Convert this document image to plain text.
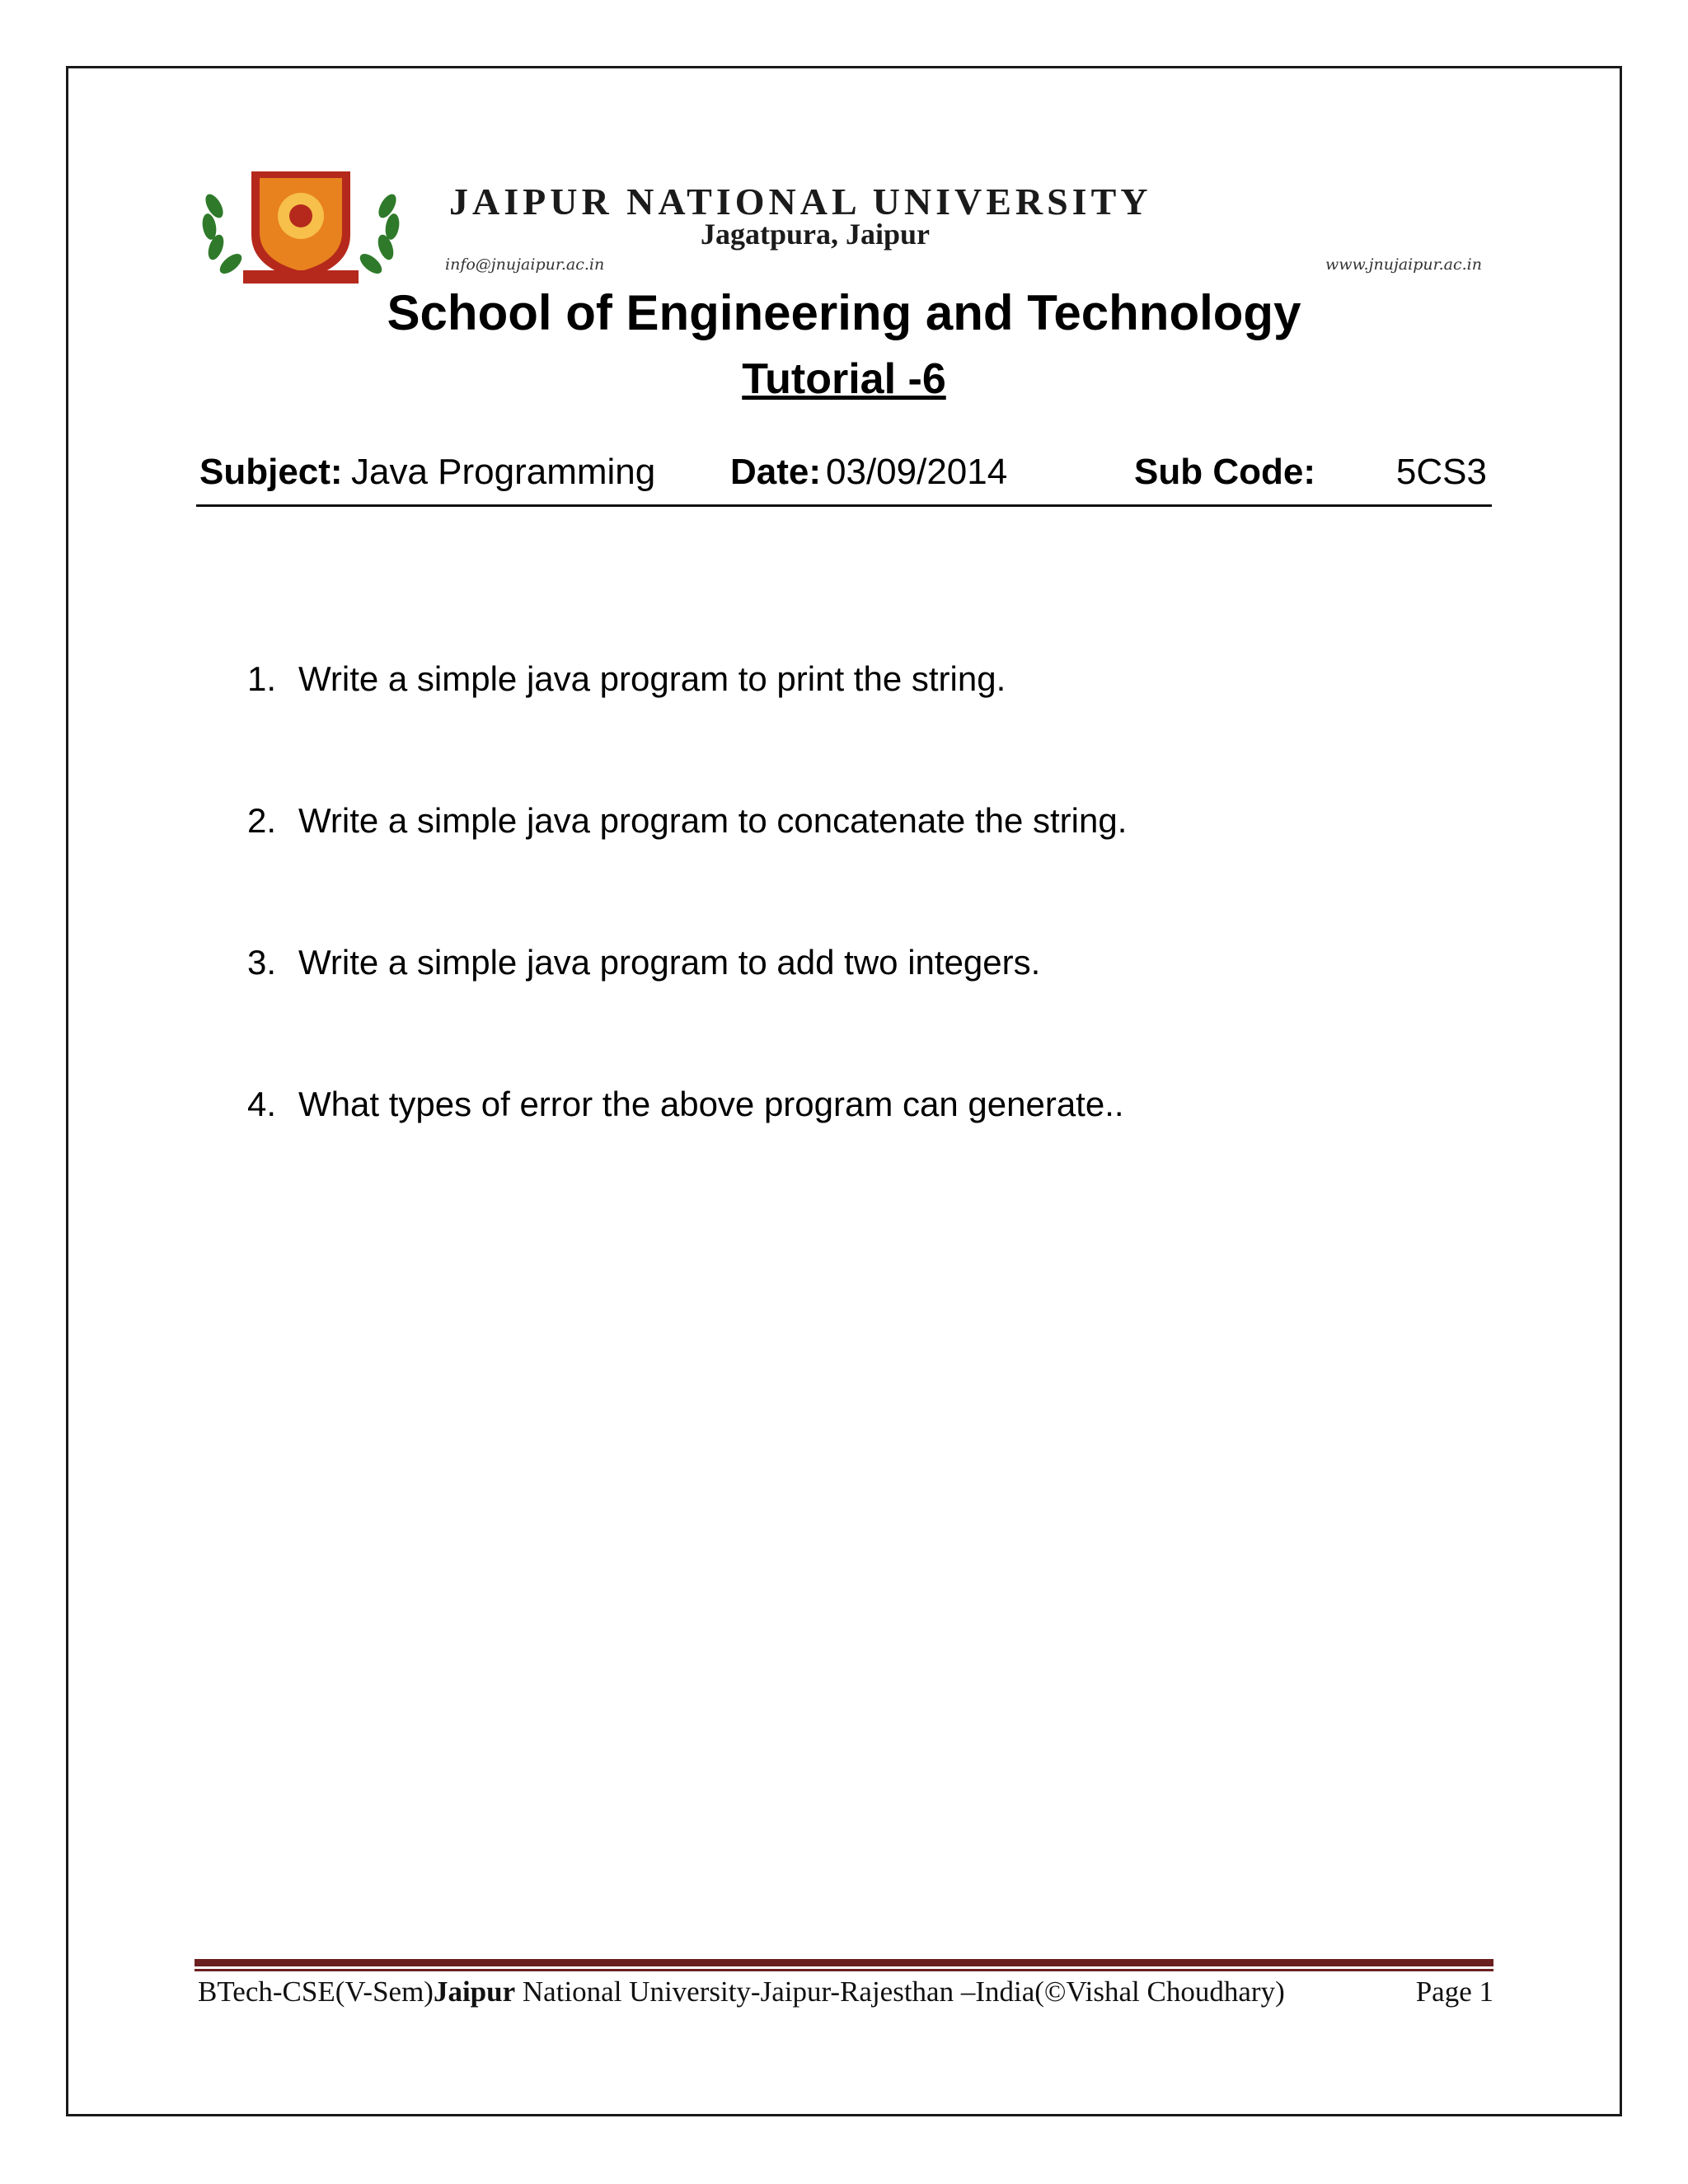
JAIPUR NATIONAL UNIVERSITY
Jagatpura, Jaipur
info@jnujaipur.ac.in	www.jnujaipur.ac.in
School of Engineering and Technology
Tutorial -6
Subject: Java Programming Date: 03/09/2014	Sub Code: 5CS3
1. Write a simple java program to print the string.
2. Write a simple java program to concatenate the string.
3. Write a simple java program to add two integers.
4. What types of error the above program can generate..
BTech-CSE(V-Sem)Jaipur National University-Jaipur-Rajesthan –India(©Vishal Choudhary)	Page 1
